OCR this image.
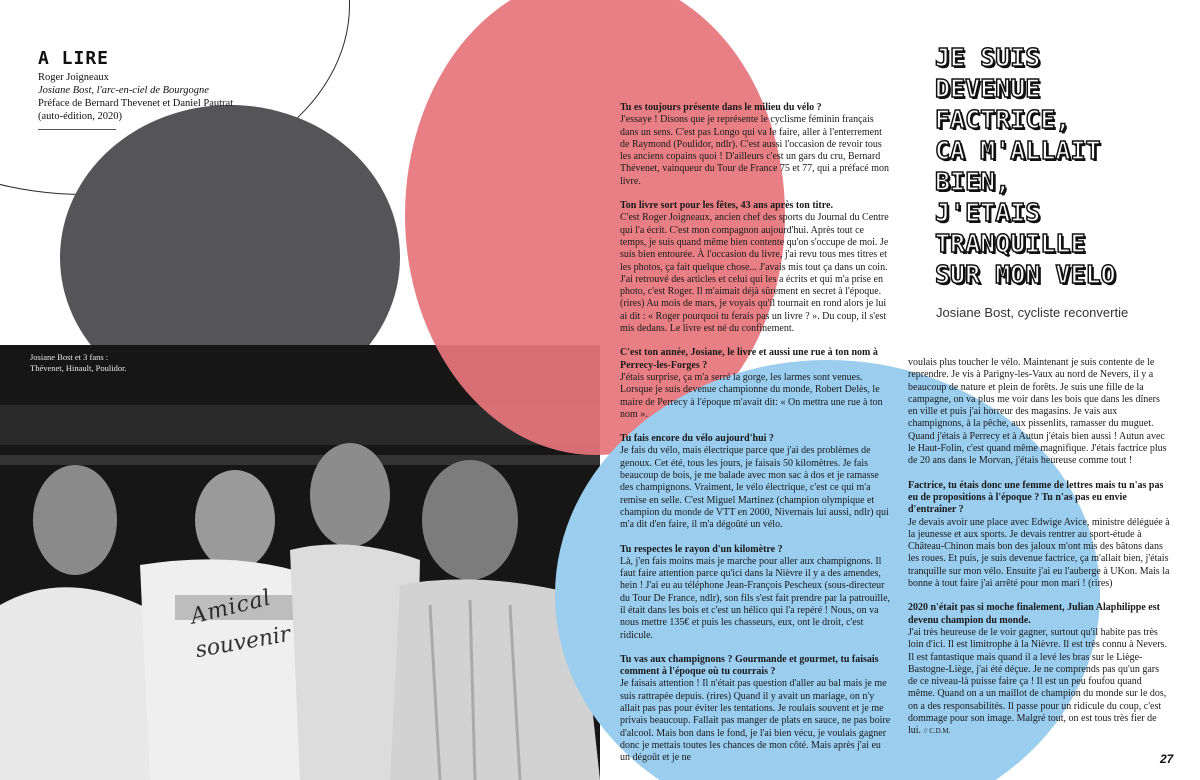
Josiane Bost et 3 fans :
Thévenet, Hinault, Poulidor.
Amical
souvenir
A LIRE

Roger Joigneaux

Josiane Bost, l'arc-en-ciel de Bourgogne

Préface de Bernard Thevenet et Daniel Pautrat

(auto-édition, 2020)

JE SUIS
DEVENUE
FACTRICE,
CA M'ALLAIT
BIEN,
J'ETAIS
TRANQUILLE
SUR MON VELO
Josiane Bost, cycliste reconvertie
Tu es toujours présente dans le milieu du vélo ?
J'essaye ! Disons que je représente le cyclisme féminin français dans un sens. C'est pas Longo qui va le faire, aller à l'enterrement de Raymond (Poulidor, ndlr). C'est aussi l'occasion de revoir tous les anciens copains quoi ! D'ailleurs c'est un gars du cru, Bernard Thévenet, vainqueur du Tour de France 75 et 77, qui a préfacé mon livre.
Ton livre sort pour les fêtes, 43 ans après ton titre.
C'est Roger Joigneaux, ancien chef des sports du Journal du Centre qui l'a écrit. C'est mon compagnon aujourd'hui. Après tout ce temps, je suis quand même bien contente qu'on s'occupe de moi. Je suis bien entourée. À l'occasion du livre, j'ai revu tous mes titres et les photos, ça fait quelque chose... J'avais mis tout ça dans un coin. J'ai retrouvé des articles et celui qui les a écrits et qui m'a prise en photo, c'est Roger. Il m'aimait déjà sûrement en secret à l'époque. (rires) Au mois de mars, je voyais qu'il tournait en rond alors je lui ai dit : « Roger pourquoi tu ferais pas un livre ? ». Du coup, il s'est mis dedans. Le livre est né du confinement.
C'est ton année, Josiane, le livre et aussi une rue à ton nom à Perrecy-les-Forges ?
J'étais surprise, ça m'a serré la gorge, les larmes sont venues. Lorsque je suis devenue championne du monde, Robert Delès, le maire de Perrecy à l'époque m'avait dit: « On mettra une rue à ton nom ».
Tu fais encore du vélo aujourd'hui ?
Je fais du vélo, mais électrique parce que j'ai des problèmes de genoux. Cet été, tous les jours, je faisais 50 kilomètres. Je fais beaucoup de bois, je me balade avec mon sac à dos et je ramasse des champignons. Vraiment, le vélo électrique, c'est ce qui m'a remise en selle. C'est Miguel Martinez (champion olympique et champion du monde de VTT en 2000, Nivernais lui aussi, ndlr) qui m'a dit d'en faire, il m'a dégoûté un vélo.
Tu respectes le rayon d'un kilomètre ?
Là, j'en fais moins mais je marche pour aller aux champignons. Il faut faire attention parce qu'ici dans la Nièvre il y a des amendes, hein ! J'ai eu au téléphone Jean-François Pescheux (sous-directeur du Tour De France, ndlr), son fils s'est fait prendre par la patrouille, il était dans les bois et c'est un hélico qui l'a repéré ! Nous, on va nous mettre 135€ et puis les chasseurs, eux, ont le droit, c'est ridicule.
Tu vas aux champignons ? Gourmande et gourmet, tu faisais comment à l'époque où tu courrais ?
Je faisais attention ! Il n'était pas question d'aller au bal mais je me suis rattrapée depuis. (rires) Quand il y avait un mariage, on n'y allait pas pas pour éviter les tentations. Je roulais souvent et je me privais beaucoup. Fallait pas manger de plats en sauce, ne pas boire d'alcool. Mais bon dans le fond, je l'ai bien vécu, je voulais gagner donc je mettais toutes les chances de mon côté. Mais après j'ai eu un dégoût et je ne
voulais plus toucher le vélo. Maintenant je suis contente de le reprendre. Je vis à Parigny-les-Vaux au nord de Nevers, il y a beaucoup de nature et plein de forêts. Je suis une fille de la campagne, on va plus me voir dans les bois que dans les dîners en ville et puis j'ai horreur des magasins. Je vais aux champignons, à la pêche, aux pissenlits, ramasser du muguet. Quand j'étais à Perrecy et à Autun j'étais bien aussi ! Autun avec le Haut-Folin, c'est quand même magnifique. J'étais factrice plus de 20 ans dans le Morvan, j'étais heureuse comme tout !
Factrice, tu étais donc une femme de lettres mais tu n'as pas eu de propositions à l'époque ? Tu n'as pas eu envie d'entraîner ?
Je devais avoir une place avec Edwige Avice, ministre déléguée à la jeunesse et aux sports. Je devais rentrer au sport-étude à Château-Chinon mais bon des jaloux m'ont mis des bâtons dans les roues. Et puis, je suis devenue factrice, ça m'allait bien, j'étais tranquille sur mon vélo. Ensuite j'ai eu l'auberge à UKon. Mais la bonne à tout faire j'ai arrêté pour mon mari ! (rires)
2020 n'était pas si moche finalement, Julian Alaphilippe est devenu champion du monde.
J'ai très heureuse de le voir gagner, surtout qu'il habite pas très loin d'ici. Il est limitrophe à la Nièvre. Il est très connu à Nevers. Il est fantastique mais quand il a levé les bras sur le Liège-Bastogne-Liège, j'ai été déçue. Je ne comprends pas qu'un gars de ce niveau-là puisse faire ça ! Il est un peu foufou quand même. Quand on a un maillot de champion du monde sur le dos, on a des responsabilités. Il passe pour un ridicule du coup, c'est dommage pour son image. Malgré tout, on est tous très fier de lui. // C.D.M.
27
